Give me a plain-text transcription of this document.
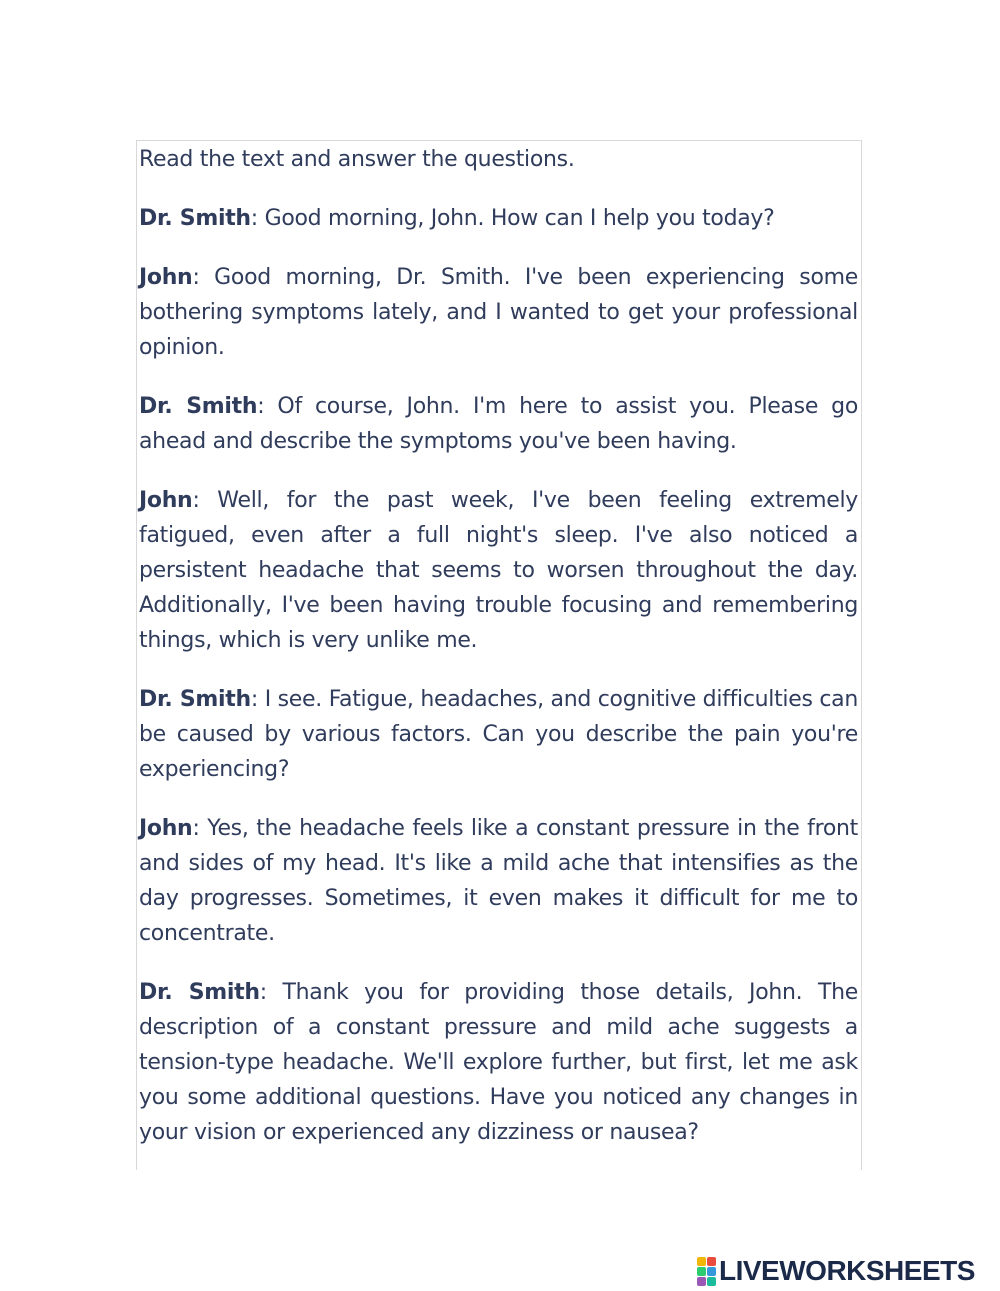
Read the text and answer the questions.

Dr. Smith: Good morning, John. How can I help you today?

John: Good morning, Dr. Smith. I've been experiencing some bothering symptoms lately, and I wanted to get your professional opinion.

Dr. Smith: Of course, John. I'm here to assist you. Please go ahead and describe the symptoms you've been having.

John: Well, for the past week, I've been feeling extremely fatigued, even after a full night's sleep. I've also noticed a persistent headache that seems to worsen throughout the day. Additionally, I've been having trouble focusing and remembering things, which is very unlike me.

Dr. Smith: I see. Fatigue, headaches, and cognitive difficulties can be caused by various factors. Can you describe the pain you're experiencing?

John: Yes, the headache feels like a constant pressure in the front and sides of my head. It's like a mild ache that intensifies as the day progresses. Sometimes, it even makes it difficult for me to concentrate.

Dr. Smith: Thank you for providing those details, John. The description of a constant pressure and mild ache suggests a tension-type headache. We'll explore further, but first, let me ask you some additional questions. Have you noticed any changes in your vision or experienced any dizziness or nausea?

LIVEWORKSHEETS
